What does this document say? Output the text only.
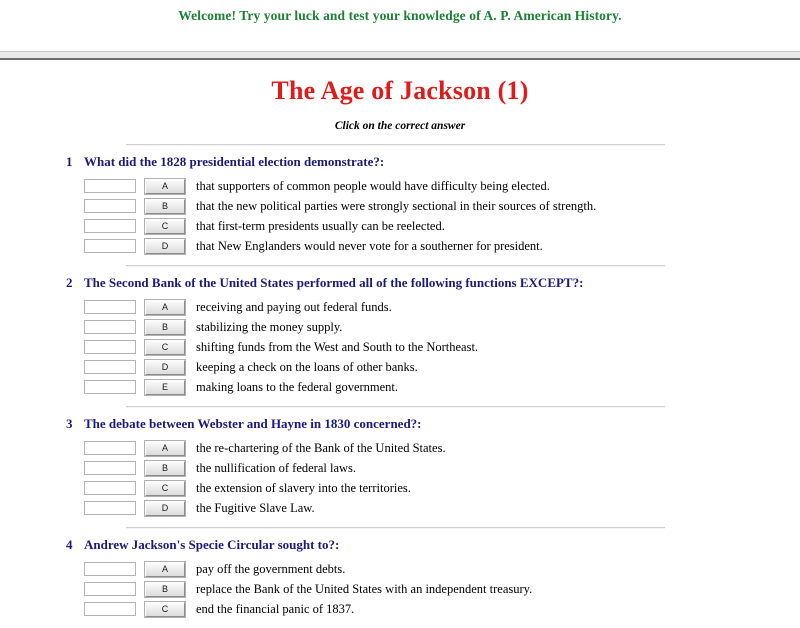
Welcome! Try your luck and test your knowledge of A. P. American History.
The Age of Jackson (1)
Click on the correct answer
1 What did the 1828 presidential election demonstrate?:
A	that supporters of common people would have difficulty being elected.
B	that the new political parties were strongly sectional in their sources of strength.
C	that first-term presidents usually can be reelected.
D	that New Englanders would never vote for a southerner for president.
2 The Second Bank of the United States performed all of the following functions EXCEPT?:
A	receiving and paying out federal funds.
B	stabilizing the money supply.
C	shifting funds from the West and South to the Northeast.
D	keeping a check on the loans of other banks.
E	making loans to the federal government.
3 The debate between Webster and Hayne in 1830 concerned?:
A	the re-chartering of the Bank of the United States.
B	the nullification of federal laws.
C	the extension of slavery into the territories.
D	the Fugitive Slave Law.
4 Andrew Jackson's Specie Circular sought to?:
A	pay off the government debts.
B	replace the Bank of the United States with an independent treasury.
C	end the financial panic of 1837.
